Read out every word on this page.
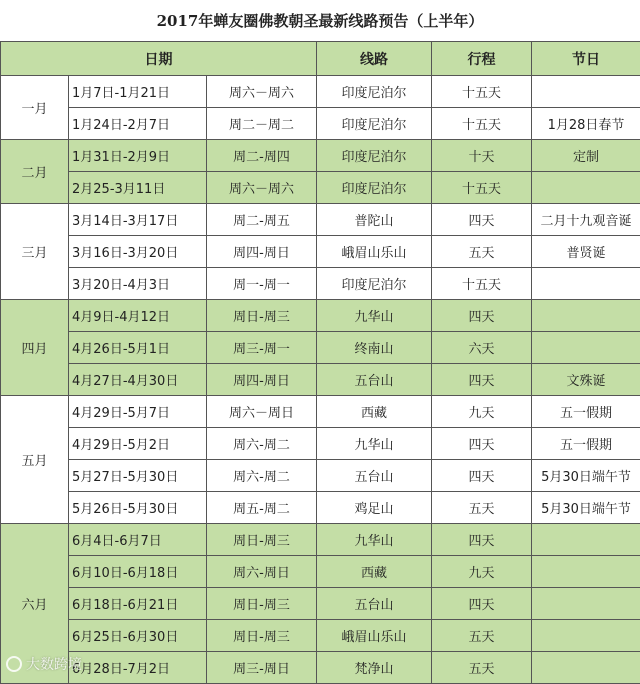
2017年蝉友圈佛教朝圣最新线路预告（上半年）
日期			线路	行程	节日
一月	1月7日-1月21日	周六－周六	印度尼泊尔	十五天	
	1月24日-2月7日	周二－周二	印度尼泊尔	十五天	1月28日春节
二月	1月31日-2月9日	周二-周四	印度尼泊尔	十天	定制
	2月25-3月11日	周六－周六	印度尼泊尔	十五天	
三月	3月14日-3月17日	周二-周五	普陀山	四天	二月十九观音诞
	3月16日-3月20日	周四-周日	峨眉山乐山	五天	普贤诞
	3月20日-4月3日	周一-周一	印度尼泊尔	十五天	
四月	4月9日-4月12日	周日-周三	九华山	四天	
	4月26日-5月1日	周三-周一	终南山	六天	
	4月27日-4月30日	周四-周日	五台山	四天	文殊诞
五月	4月29日-5月7日	周六－周日	西藏	九天	五一假期
	4月29日-5月2日	周六-周二	九华山	四天	五一假期
	5月27日-5月30日	周六-周二	五台山	四天	5月30日端午节
	5月26日-5月30日	周五-周二	鸡足山	五天	5月30日端午节
六月	6月4日-6月7日	周日-周三	九华山	四天	
	6月10日-6月18日	周六-周日	西藏	九天	
	6月18日-6月21日	周日-周三	五台山	四天	
	6月25日-6月30日	周日-周三	峨眉山乐山	五天	
	6月28日-7月2日	周三-周日	梵净山	五天	
大数跨境
